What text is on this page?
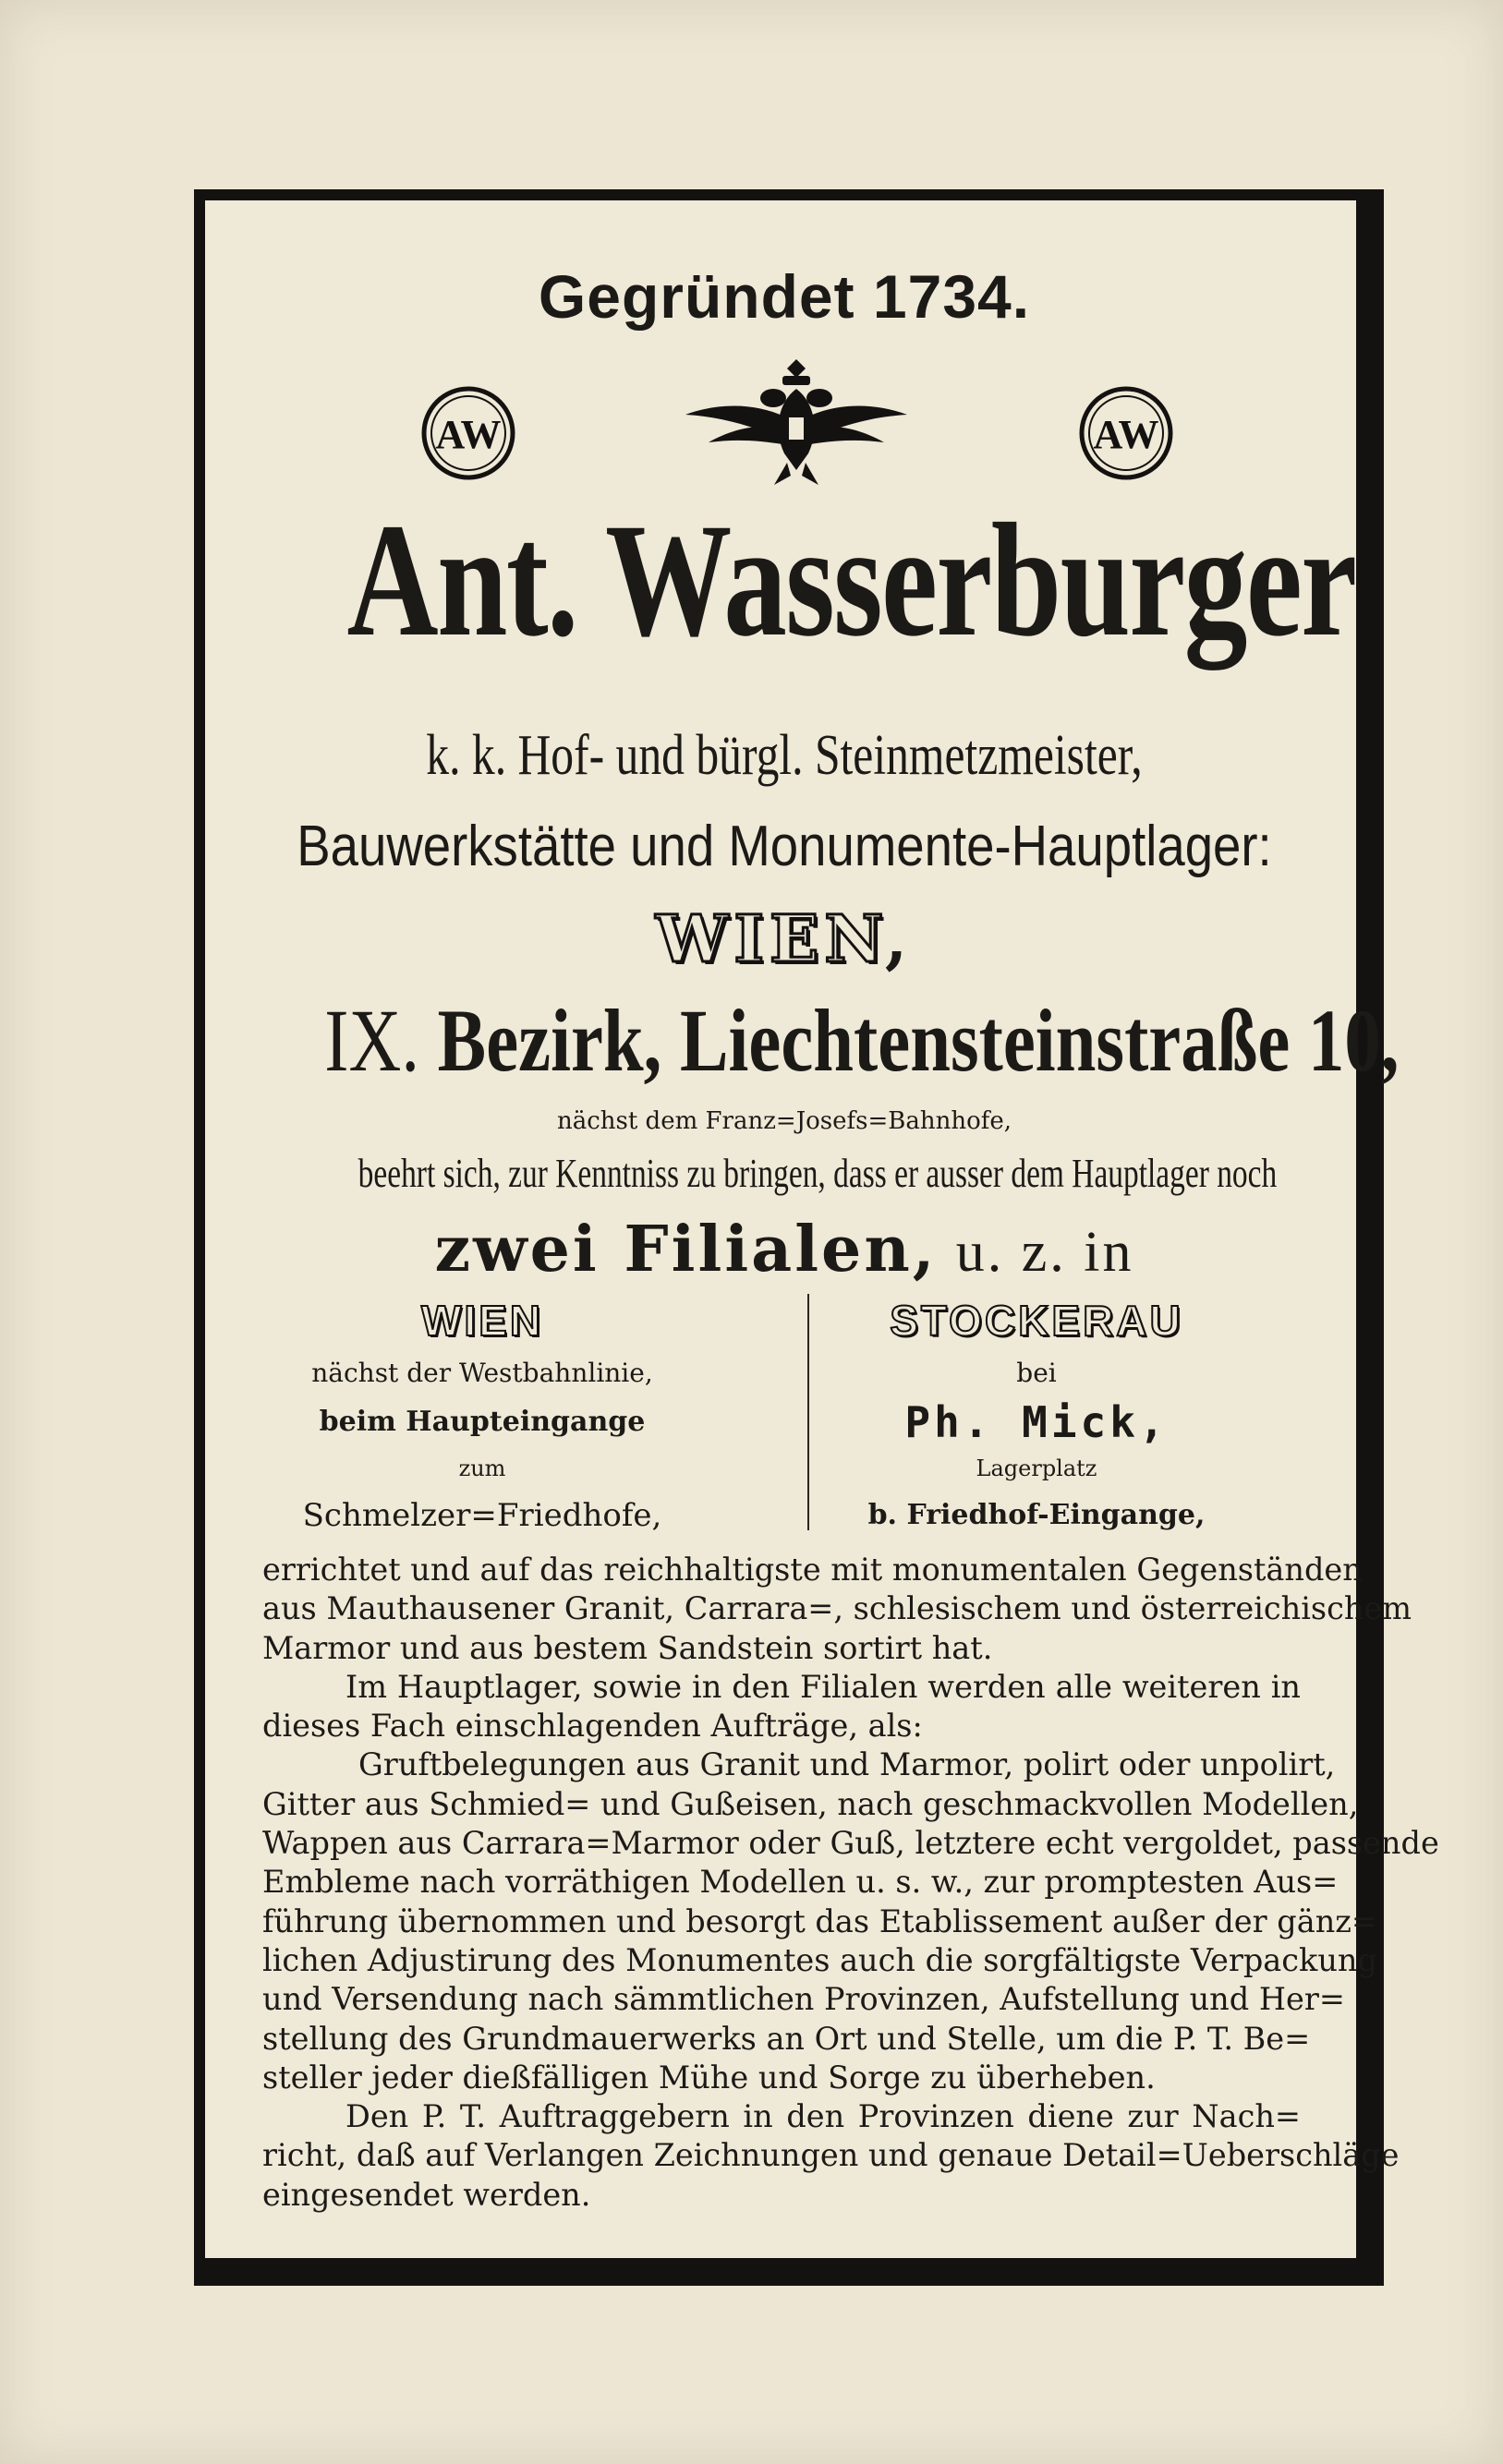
Gegründet 1734.
AW	AW
Ant. Wasserburger
k. k. Hof- und bürgl. Steinmetzmeister,
Bauwerkstätte und Monumente-Hauptlager:
WIEN,
IX. Bezirk, Liechtensteinstraße 10,
nächst dem Franz=Josefs=Bahnhofe,
beehrt sich, zur Kenntniss zu bringen, dass er ausser dem Hauptlager noch
zwei Filialen, u. z. in
WIEN
nächst der Westbahnlinie,
beim Haupteingange
zum
Schmelzer=Friedhofe,
STOCKERAU
bei
Ph. Mick,
Lagerplatz
b. Friedhof-Eingange,
errichtet und auf das reichhaltigste mit monumentalen Gegenständen
aus Mauthausener Granit, Carrara=, schlesischem und österreichischem
Marmor und aus bestem Sandstein sortirt hat.
Im Hauptlager, sowie in den Filialen werden alle weiteren in
dieses Fach einschlagenden Aufträge, als:
Gruftbelegungen aus Granit und Marmor, polirt oder unpolirt,
Gitter aus Schmied= und Gußeisen, nach geschmackvollen Modellen,
Wappen aus Carrara=Marmor oder Guß, letztere echt vergoldet, passende
Embleme nach vorräthigen Modellen u. s. w., zur promptesten Aus=
führung übernommen und besorgt das Etablissement außer der gänz=
lichen Adjustirung des Monumentes auch die sorgfältigste Verpackung
und Versendung nach sämmtlichen Provinzen, Aufstellung und Her=
stellung des Grundmauerwerks an Ort und Stelle, um die P. T. Be=
steller jeder dießfälligen Mühe und Sorge zu überheben.
Den P. T. Auftraggebern in den Provinzen diene zur Nach=
richt, daß auf Verlangen Zeichnungen und genaue Detail=Ueberschläge
eingesendet werden.
